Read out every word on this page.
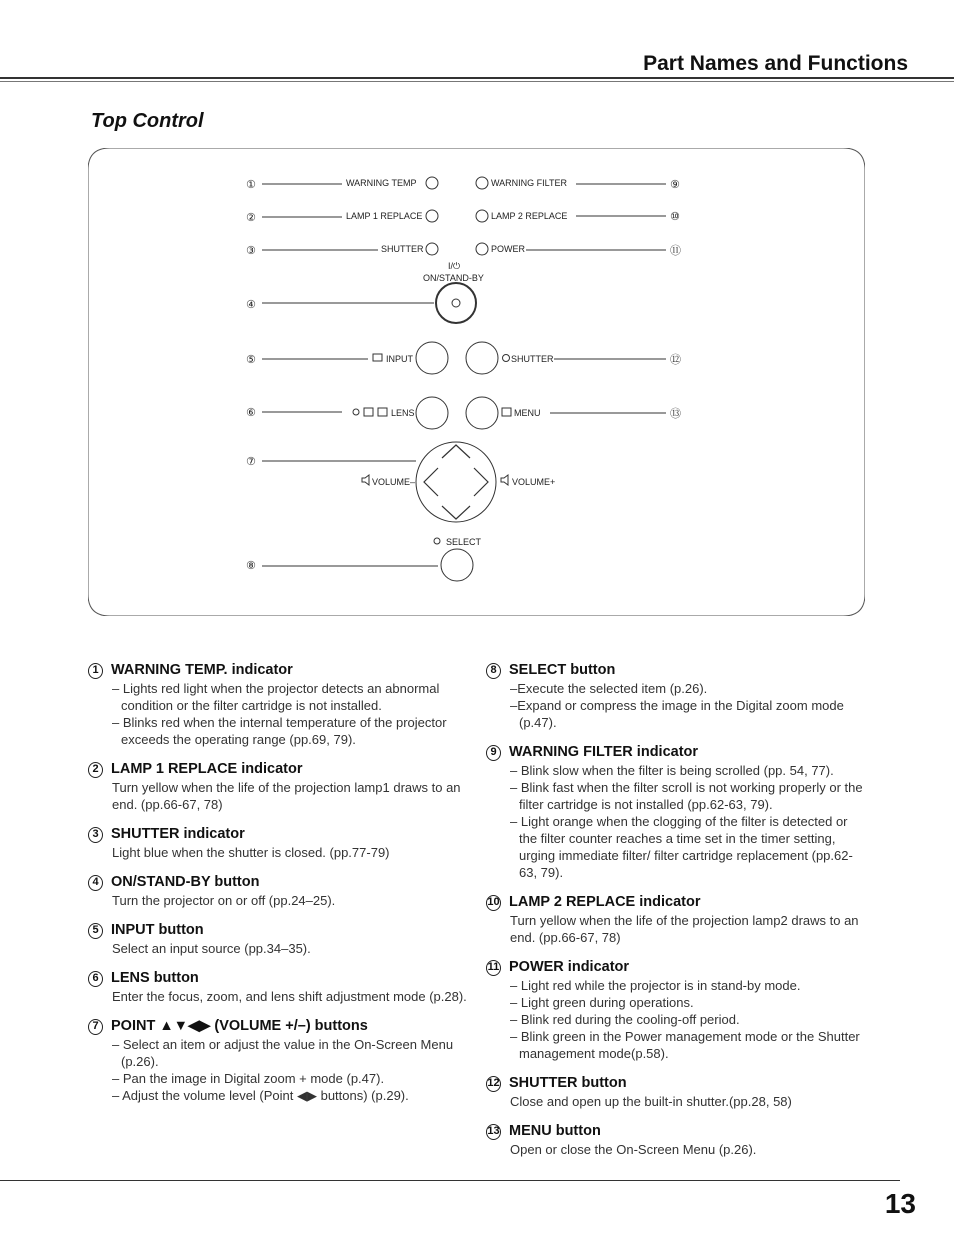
Part Names and Functions
Top Control
①
②
③
④
⑤
⑥
⑦
⑧
⑨
⑩
⑪
⑫
⑬
WARNING TEMP
LAMP 1 REPLACE
SHUTTER
WARNING FILTER
LAMP 2 REPLACE
POWER
I/⏻
ON/STAND-BY
INPUT	SHUTTER
LENS	MENU
VOLUME–	VOLUME+
SELECT
1 WARNING TEMP. indicator
– Lights red light when the projector detects an abnormal condition or the filter cartridge is not installed.
– Blinks red when the internal temperature of the projector exceeds the operating range (pp.69, 79).
2 LAMP 1 REPLACE indicator
Turn yellow when the life of the projection lamp1 draws to an end. (pp.66-67, 78)
3 SHUTTER indicator
Light blue when the shutter is closed. (pp.77-79)
4 ON/STAND-BY button
Turn the projector on or off (pp.24–25).
5 INPUT button
Select an input source (pp.34–35).
6 LENS button
Enter the focus, zoom, and lens shift adjustment mode (p.28).
7 POINT ▲▼◀▶ (VOLUME +/–) buttons
– Select an item or adjust the value in the On-Screen Menu (p.26).
– Pan the image in Digital zoom + mode (p.47).
– Adjust the volume level (Point ◀▶ buttons) (p.29).
8 SELECT button
–Execute the selected item (p.26).
–Expand or compress the image in the Digital zoom mode (p.47).
9 WARNING FILTER indicator
– Blink slow when the filter is being scrolled (pp. 54, 77).
– Blink fast when the filter scroll is not working properly or the filter cartridge is not installed (pp.62-63, 79).
– Light orange when the clogging of the filter is detected or the filter counter reaches a time set in the timer setting, urging immediate filter/ filter cartridge replacement (pp.62-63, 79).
10 LAMP 2 REPLACE indicator
Turn yellow when the life of the projection lamp2 draws to an end. (pp.66-67, 78)
11 POWER indicator
– Light red while the projector is in stand-by mode.
– Light green during operations.
– Blink red during the cooling-off period.
– Blink green in the Power management mode or the Shutter management mode(p.58).
12 SHUTTER button
Close and open up the built-in shutter.(pp.28, 58)
13 MENU button
Open or close the On-Screen Menu (p.26).
13
